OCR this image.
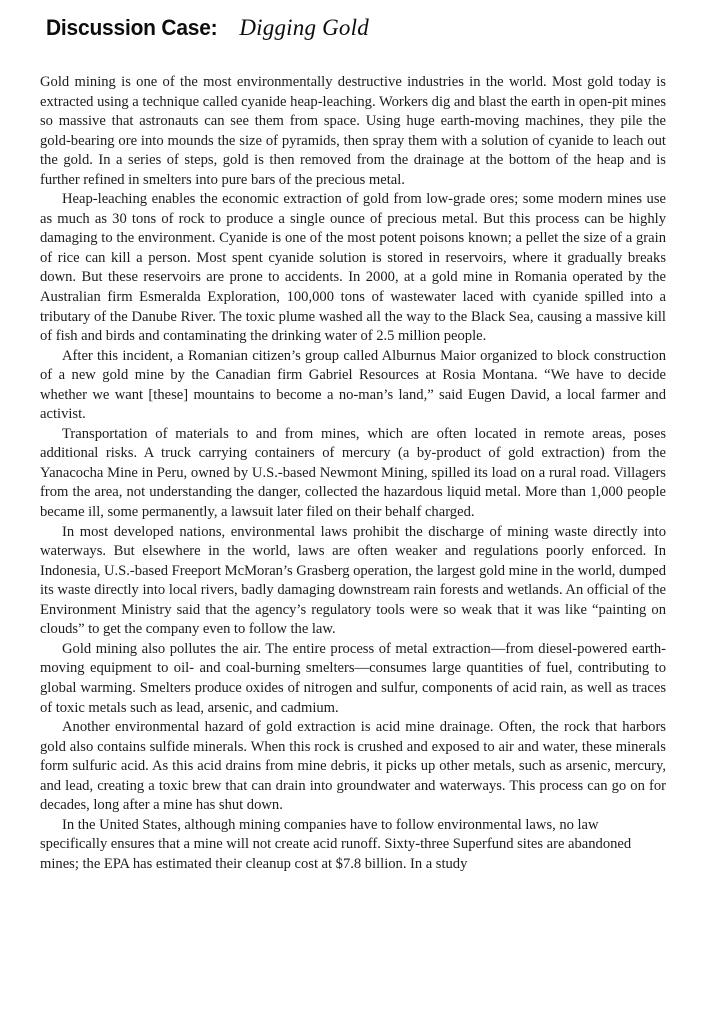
Discussion Case: Digging Gold

Gold mining is one of the most environmentally destructive industries in the world. Most gold today is extracted using a technique called cyanide heap-leaching. Workers dig and blast the earth in open-pit mines so massive that astronauts can see them from space. Using huge earth-moving machines, they pile the gold-bearing ore into mounds the size of pyramids, then spray them with a solution of cyanide to leach out the gold. In a series of steps, gold is then removed from the drainage at the bottom of the heap and is further refined in smelters into pure bars of the precious metal.

Heap-leaching enables the economic extraction of gold from low-grade ores; some modern mines use as much as 30 tons of rock to produce a single ounce of precious metal. But this process can be highly damaging to the environment. Cyanide is one of the most potent poisons known; a pellet the size of a grain of rice can kill a person. Most spent cyanide solution is stored in reservoirs, where it gradually breaks down. But these reservoirs are prone to accidents. In 2000, at a gold mine in Romania operated by the Australian firm Esmeralda Exploration, 100,000 tons of wastewater laced with cyanide spilled into a tributary of the Danube River. The toxic plume washed all the way to the Black Sea, causing a massive kill of fish and birds and contaminating the drinking water of 2.5 million people.

After this incident, a Romanian citizen’s group called Alburnus Maior organized to block construction of a new gold mine by the Canadian firm Gabriel Resources at Rosia Montana. “We have to decide whether we want [these] mountains to become a no-man’s land,” said Eugen David, a local farmer and activist.

Transportation of materials to and from mines, which are often located in remote areas, poses additional risks. A truck carrying containers of mercury (a by-product of gold extraction) from the Yanacocha Mine in Peru, owned by U.S.-based Newmont Mining, spilled its load on a rural road. Villagers from the area, not understanding the danger, collected the hazardous liquid metal. More than 1,000 people became ill, some permanently, a lawsuit later filed on their behalf charged.

In most developed nations, environmental laws prohibit the discharge of mining waste directly into waterways. But elsewhere in the world, laws are often weaker and regulations poorly enforced. In Indonesia, U.S.-based Freeport McMoran’s Grasberg operation, the largest gold mine in the world, dumped its waste directly into local rivers, badly damaging downstream rain forests and wetlands. An official of the Environment Ministry said that the agency’s regulatory tools were so weak that it was like “painting on clouds” to get the company even to follow the law.

Gold mining also pollutes the air. The entire process of metal extraction—from diesel-powered earth-moving equipment to oil- and coal-burning smelters—consumes large quantities of fuel, contributing to global warming. Smelters produce oxides of nitrogen and sulfur, components of acid rain, as well as traces of toxic metals such as lead, arsenic, and cadmium.

Another environmental hazard of gold extraction is acid mine drainage. Often, the rock that harbors gold also contains sulfide minerals. When this rock is crushed and exposed to air and water, these minerals form sulfuric acid. As this acid drains from mine debris, it picks up other metals, such as arsenic, mercury, and lead, creating a toxic brew that can drain into groundwater and waterways. This process can go on for decades, long after a mine has shut down.

In the United States, although mining companies have to follow environmental laws, no law specifically ensures that a mine will not create acid runoff. Sixty-three Superfund sites are abandoned mines; the EPA has estimated their cleanup cost at $7.8 billion. In a study
